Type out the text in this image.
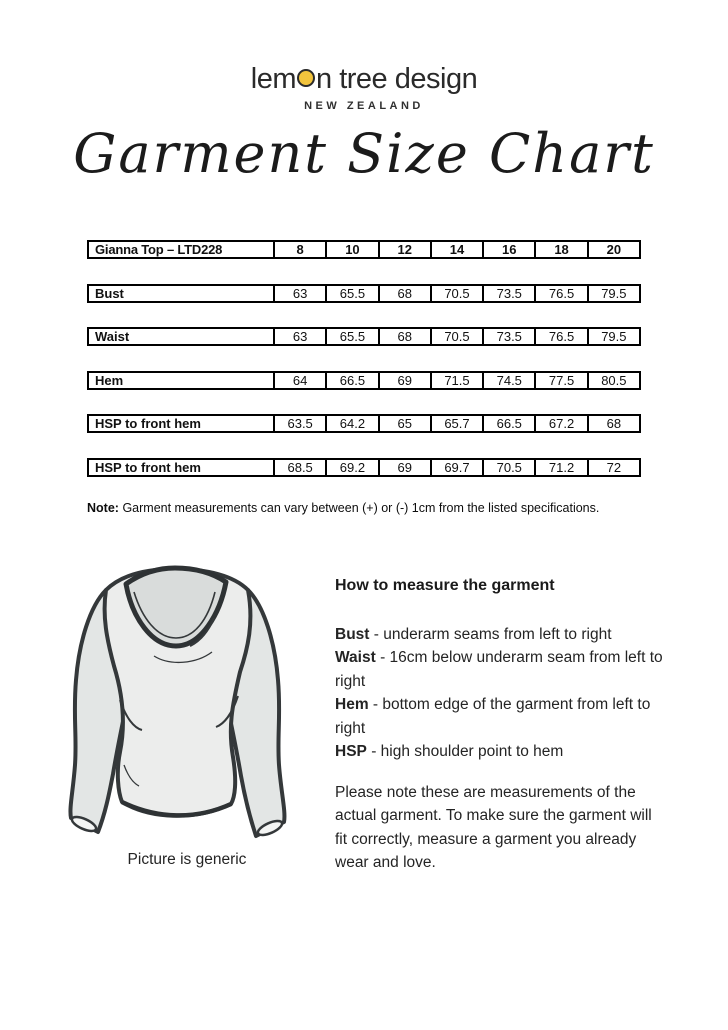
lem n tree design
NEW ZEALAND
Garment Size Chart
Gianna Top – LTD228	8	10	12	14	16	18	20
Bust	63	65.5	68	70.5	73.5	76.5	79.5
Waist	63	65.5	68	70.5	73.5	76.5	79.5
Hem	64	66.5	69	71.5	74.5	77.5	80.5
HSP to front hem	63.5	64.2	65	65.7	66.5	67.2	68
HSP to front hem	68.5	69.2	69	69.7	70.5	71.2	72

Note: Garment measurements can vary between (+) or (-) 1cm from the listed specifications.

Picture is generic
How to measure the garment

Bust - underarm seams from left to right

Waist - 16cm below underarm seam from left to right

Hem - bottom edge of the garment from left to right

HSP - high shoulder point to hem

Please note these are measurements of the actual garment. To make sure the garment will fit correctly, measure a garment you already wear and love.
